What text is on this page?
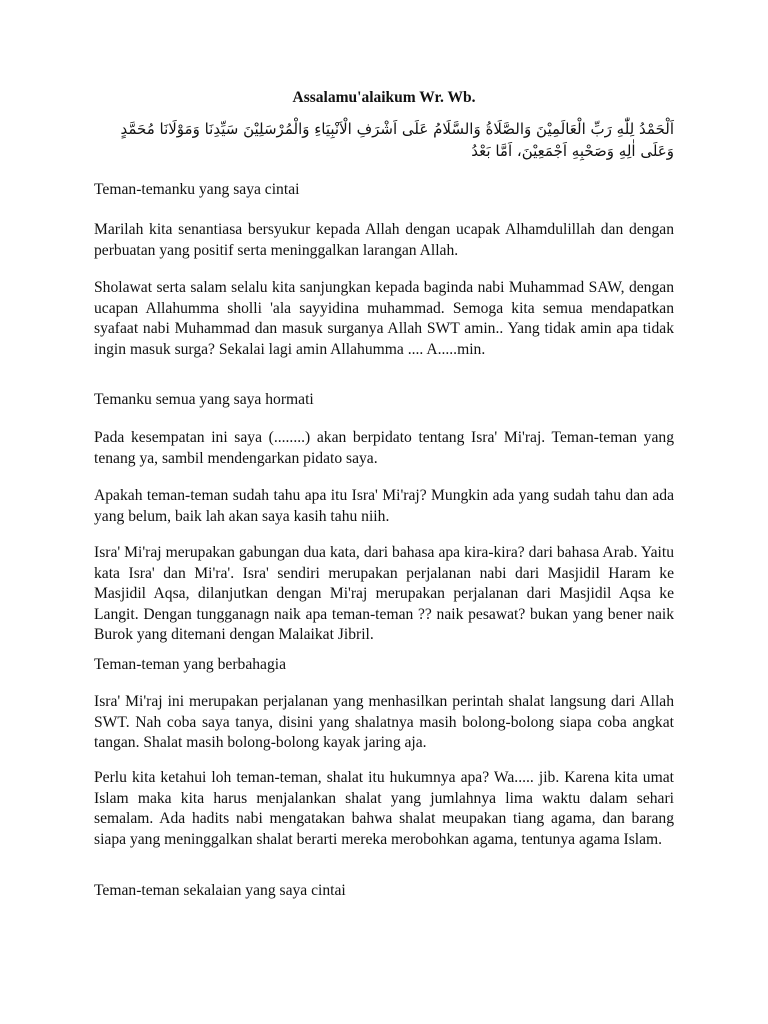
Assalamu'alaikum Wr. Wb.
اَلْحَمْدُ لِلّٰهِ رَبِّ الْعَالَمِيْنَ وَالصَّلَاةُ وَالسَّلَامُ عَلَى اَشْرَفِ الْاَنْبِيَاءِ وَالْمُرْسَلِيْنَ سَيِّدِنَا وَمَوْلَانَا مُحَمَّدٍ وَعَلَى اٰلِهِ وَصَحْبِهِ اَجْمَعِيْنَ، اَمَّا بَعْدُ

Teman-temanku yang saya cintai

Marilah kita senantiasa bersyukur kepada Allah dengan ucapak Alhamdulillah dan dengan perbuatan yang positif serta meninggalkan larangan Allah.

Sholawat serta salam selalu kita sanjungkan kepada baginda nabi Muhammad SAW, dengan ucapan Allahumma sholli 'ala sayyidina muhammad. Semoga kita semua mendapatkan syafaat nabi Muhammad dan masuk surganya Allah SWT amin.. Yang tidak amin apa tidak ingin masuk surga? Sekalai lagi amin Allahumma .... A.....min.

Temanku semua yang saya hormati

Pada kesempatan ini saya (........) akan berpidato tentang Isra' Mi'raj. Teman-teman yang tenang ya, sambil mendengarkan pidato saya.

Apakah teman-teman sudah tahu apa itu Isra' Mi'raj? Mungkin ada yang sudah tahu dan ada yang belum, baik lah akan saya kasih tahu niih.

Isra' Mi'raj merupakan gabungan dua kata, dari bahasa apa kira-kira? dari bahasa Arab. Yaitu kata Isra' dan Mi'ra'. Isra' sendiri merupakan perjalanan nabi dari Masjidil Haram ke Masjidil Aqsa, dilanjutkan dengan Mi'raj merupakan perjalanan dari Masjidil Aqsa ke Langit. Dengan tungganagn naik apa teman-teman ?? naik pesawat? bukan yang bener naik Burok yang ditemani dengan Malaikat Jibril.

Teman-teman yang berbahagia

Isra' Mi'raj ini merupakan perjalanan yang menhasilkan perintah shalat langsung dari Allah SWT. Nah coba saya tanya, disini yang shalatnya masih bolong-bolong siapa coba angkat tangan. Shalat masih bolong-bolong kayak jaring aja.

Perlu kita ketahui loh teman-teman, shalat itu hukumnya apa? Wa..... jib. Karena kita umat Islam maka kita harus menjalankan shalat yang jumlahnya lima waktu dalam sehari semalam. Ada hadits nabi mengatakan bahwa shalat meupakan tiang agama, dan barang siapa yang meninggalkan shalat berarti mereka merobohkan agama, tentunya agama Islam.

Teman-teman sekalaian yang saya cintai
